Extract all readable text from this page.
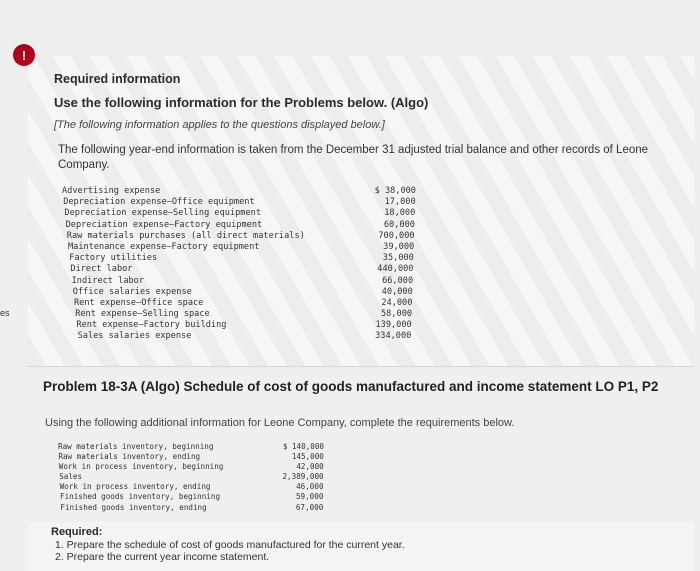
es
!
Required information
Use the following information for the Problems below. (Algo)
[The following information applies to the questions displayed below.]
The following year-end information is taken from the December 31 adjusted trial balance and other records of Leone Company.
Advertising expense	$ 38,000
Depreciation expense—Office equipment	17,000
Depreciation expense—Selling equipment	18,000
Depreciation expense—Factory equipment	60,000
Raw materials purchases (all direct materials)	700,000
Maintenance expense—Factory equipment	39,000
Factory utilities	35,000
Direct labor	440,000
Indirect labor	66,000
Office salaries expense	40,000
Rent expense—Office space	24,000
Rent expense—Selling space	58,000
Rent expense—Factory building	139,000
Sales salaries expense	334,000
Problem 18-3A (Algo) Schedule of cost of goods manufactured and income statement LO P1, P2
Using the following additional information for Leone Company, complete the requirements below.
Raw materials inventory, beginning	$ 140,000
Raw materials inventory, ending	145,000
Work in process inventory, beginning	42,000
Sales	2,389,000
Work in process inventory, ending	46,000
Finished goods inventory, beginning	59,000
Finished goods inventory, ending	67,000
Required:
1. Prepare the schedule of cost of goods manufactured for the current year.
2. Prepare the current year income statement.
